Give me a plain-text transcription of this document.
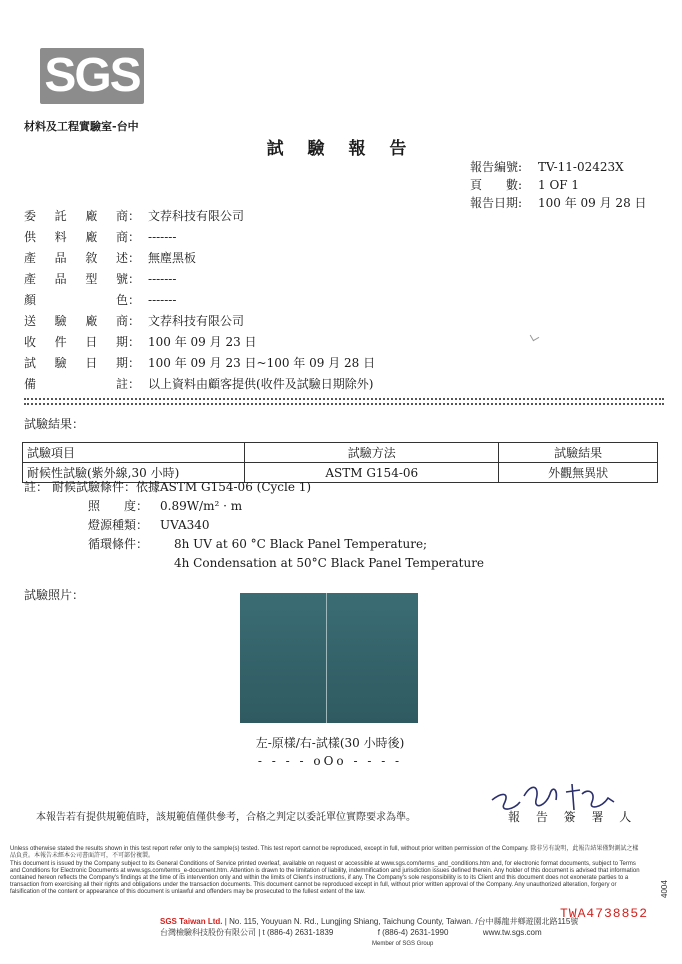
SGS
材料及工程實驗室-台中
試 驗 報 告
報告編號:	TV-11-02423X
頁　　數:	1 OF 1
報告日期:	100 年 09 月 28 日
委 託 廠 商 ： 文荐科技有限公司
供 料 廠 商 ： -------
產 品 敘 述 ： 無塵黑板
產 品 型 號 ： -------
顏	色 ： -------
送 驗 廠 商 ： 文荐科技有限公司
收 件 日 期 ： 100 年 09 月 23 日
試 驗 日 期 ： 100 年 09 月 23 日~100 年 09 月 28 日
備	註 ： 以上資料由顧客提供(收件及試驗日期除外)
試驗結果：
試驗項目	試驗方法	試驗結果
耐候性試驗(紫外線,30 小時)	ASTM G154-06	外觀無異狀
註： 耐候試驗條件： 依據ASTM G154-06 (Cycle 1)
照　　度： 0.89W/m² · m
燈源種類： UVA340
循環條件：	8h UV at 60 °C Black Panel Temperature;
4h Condensation at 50°C Black Panel Temperature
試驗照片：
左-原樣/右-試樣(30 小時後)
- - - - oOo - - - -
本報告若有提供規範值時，該規範值僅供參考，合格之判定以委託單位實際要求為準。	報 告 簽 署 人

Unless otherwise stated the results shown in this test report refer only to the sample(s) tested. This test report cannot be reproduced, except in full, without prior written permission of the Company. 除非另有說明，此報告結果僅對測試之樣品負責。本報告未經本公司書面許可，不可部份複製。

This document is issued by the Company subject to its General Conditions of Service printed overleaf, available on request or accessible at www.sgs.com/terms_and_conditions.htm and, for electronic format documents, subject to Terms and Conditions for Electronic Documents at www.sgs.com/terms_e-document.htm. Attention is drawn to the limitation of liability, indemnification and jurisdiction issues defined therein. Any holder of this document is advised that information contained hereon reflects the Company's findings at the time of its intervention only and within the limits of Client's instructions, if any. The Company's sole responsibility is to its Client and this document does not exonerate parties to a transaction from exercising all their rights and obligations under the transaction documents. This document cannot be reproduced except in full, without prior written approval of the Company. Any unauthorized alteration, forgery or falsification of the content or appearance of this document is unlawful and offenders may be prosecuted to the fullest extent of the law.

SGS Taiwan Ltd. | No. 115, Youyuan N. Rd., Lungjing Shiang, Taichung County, Taiwan. /台中縣龍井鄉遊園北路115號
台灣檢驗科技股份有限公司 | t (886-4) 2631-1839	f (886-4) 2631-1990	www.tw.sgs.com
TWA4738852
Member of SGS Group
4004
